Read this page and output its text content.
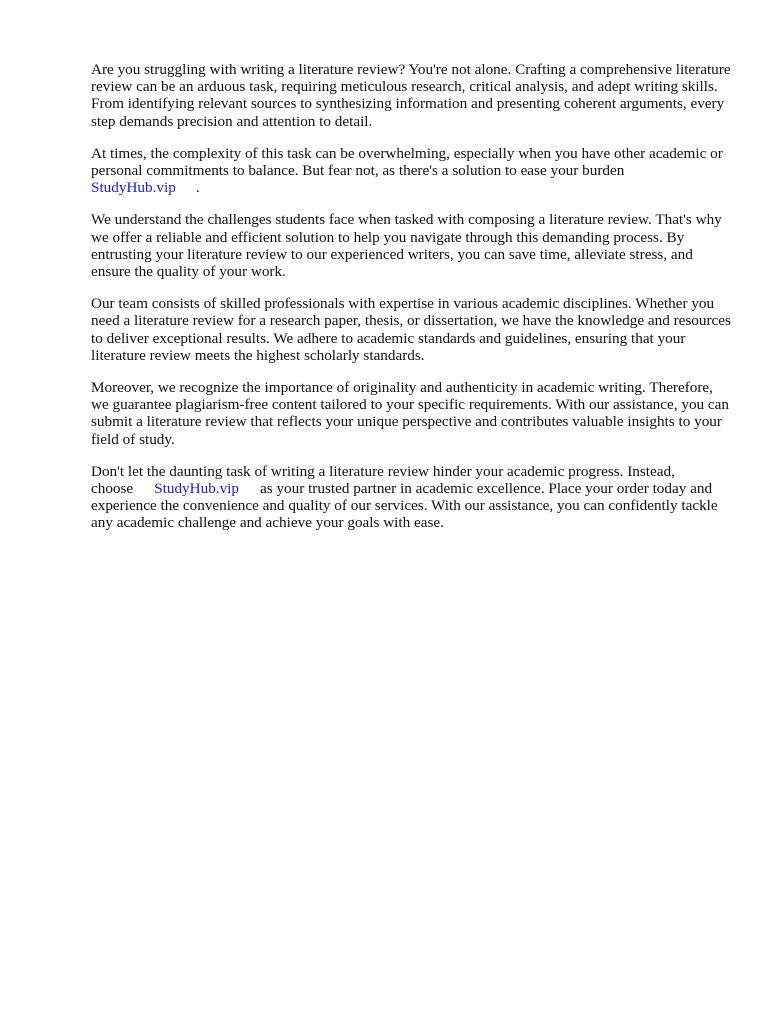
Are you struggling with writing a literature review? You're not alone. Crafting a comprehensive literature review can be an arduous task, requiring meticulous research, critical analysis, and adept writing skills. From identifying relevant sources to synthesizing information and presenting coherent arguments, every step demands precision and attention to detail.

At times, the complexity of this task can be overwhelming, especially when you have other academic or personal commitments to balance. But fear not, as there's a solution to ease your burden
StudyHub.vip .

We understand the challenges students face when tasked with composing a literature review. That's why we offer a reliable and efficient solution to help you navigate through this demanding process. By entrusting your literature review to our experienced writers, you can save time, alleviate stress, and ensure the quality of your work.

Our team consists of skilled professionals with expertise in various academic disciplines. Whether you need a literature review for a research paper, thesis, or dissertation, we have the knowledge and resources to deliver exceptional results. We adhere to academic standards and guidelines, ensuring that your literature review meets the highest scholarly standards.

Moreover, we recognize the importance of originality and authenticity in academic writing. Therefore, we guarantee plagiarism-free content tailored to your specific requirements. With our assistance, you can submit a literature review that reflects your unique perspective and contributes valuable insights to your field of study.

Don't let the daunting task of writing a literature review hinder your academic progress. Instead, choose StudyHub.vip as your trusted partner in academic excellence. Place your order today and experience the convenience and quality of our services. With our assistance, you can confidently tackle any academic challenge and achieve your goals with ease.
